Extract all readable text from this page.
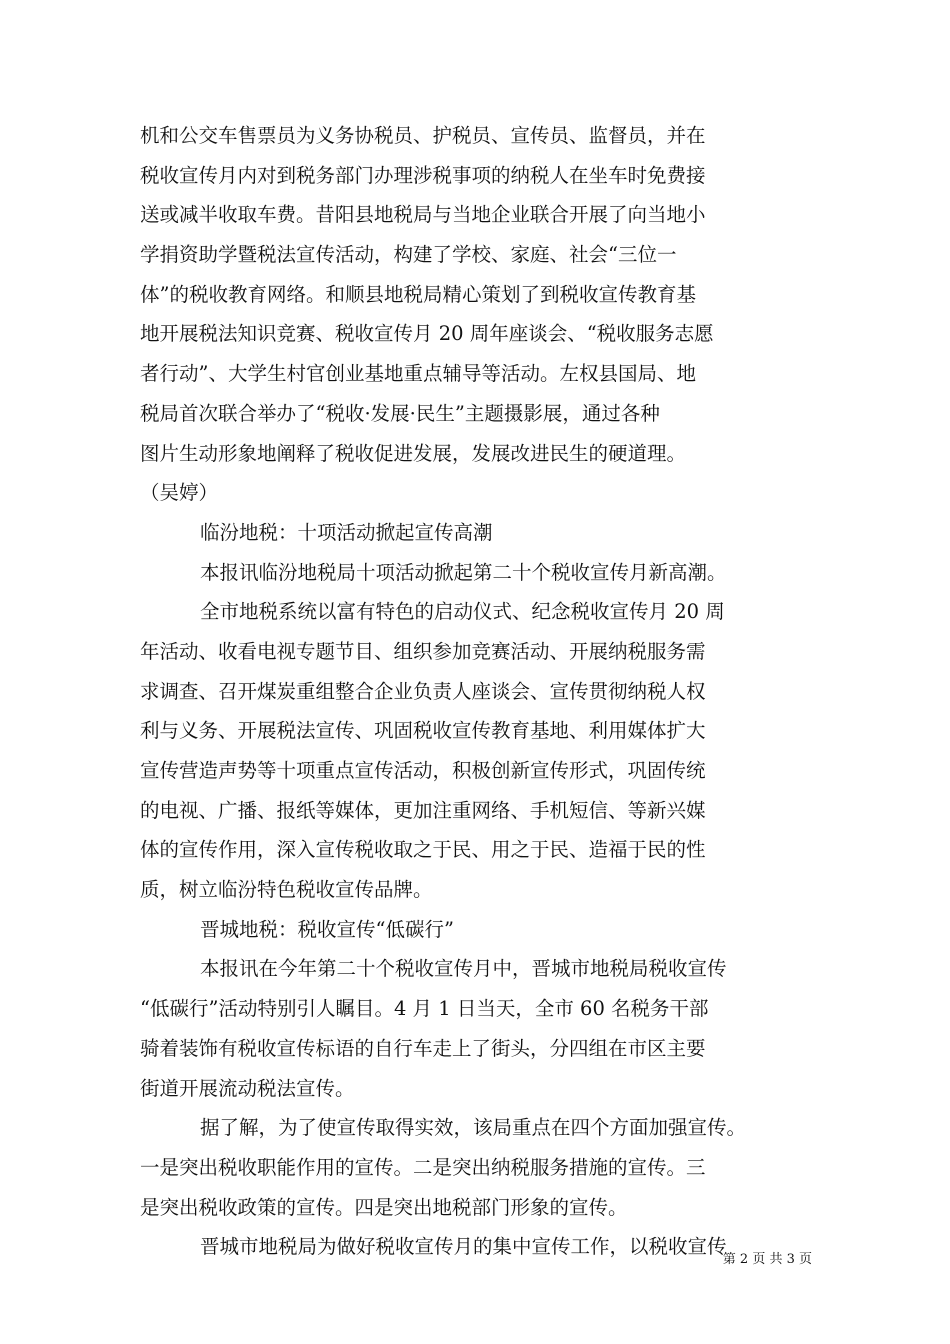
机和公交车售票员为义务协税员、护税员、宣传员、监督员，并在
税收宣传月内对到税务部门办理涉税事项的纳税人在坐车时免费接
送或减半收取车费。昔阳县地税局与当地企业联合开展了向当地小
学捐资助学暨税法宣传活动，构建了学校、家庭、社会“三位一
体”的税收教育网络。和顺县地税局精心策划了到税收宣传教育基
地开展税法知识竞赛、税收宣传月 20 周年座谈会、“税收服务志愿
者行动”、大学生村官创业基地重点辅导等活动。左权县国局、地
税局首次联合举办了“税收·发展·民生”主题摄影展，通过各种
图片生动形象地阐释了税收促进发展，发展改进民生的硬道理。
（吴婷）
临汾地税：十项活动掀起宣传高潮
本报讯临汾地税局十项活动掀起第二十个税收宣传月新高潮。
全市地税系统以富有特色的启动仪式、纪念税收宣传月 20 周
年活动、收看电视专题节目、组织参加竞赛活动、开展纳税服务需
求调查、召开煤炭重组整合企业负责人座谈会、宣传贯彻纳税人权
利与义务、开展税法宣传、巩固税收宣传教育基地、利用媒体扩大
宣传营造声势等十项重点宣传活动，积极创新宣传形式，巩固传统
的电视、广播、报纸等媒体，更加注重网络、手机短信、等新兴媒
体的宣传作用，深入宣传税收取之于民、用之于民、造福于民的性
质，树立临汾特色税收宣传品牌。
晋城地税：税收宣传“低碳行”
本报讯在今年第二十个税收宣传月中，晋城市地税局税收宣传
“低碳行”活动特别引人瞩目。4 月 1 日当天，全市 60 名税务干部
骑着装饰有税收宣传标语的自行车走上了街头，分四组在市区主要
街道开展流动税法宣传。
据了解，为了使宣传取得实效，该局重点在四个方面加强宣传。
一是突出税收职能作用的宣传。二是突出纳税服务措施的宣传。三
是突出税收政策的宣传。四是突出地税部门形象的宣传。
晋城市地税局为做好税收宣传月的集中宣传工作，以税收宣传
第 2 页 共 3 页
